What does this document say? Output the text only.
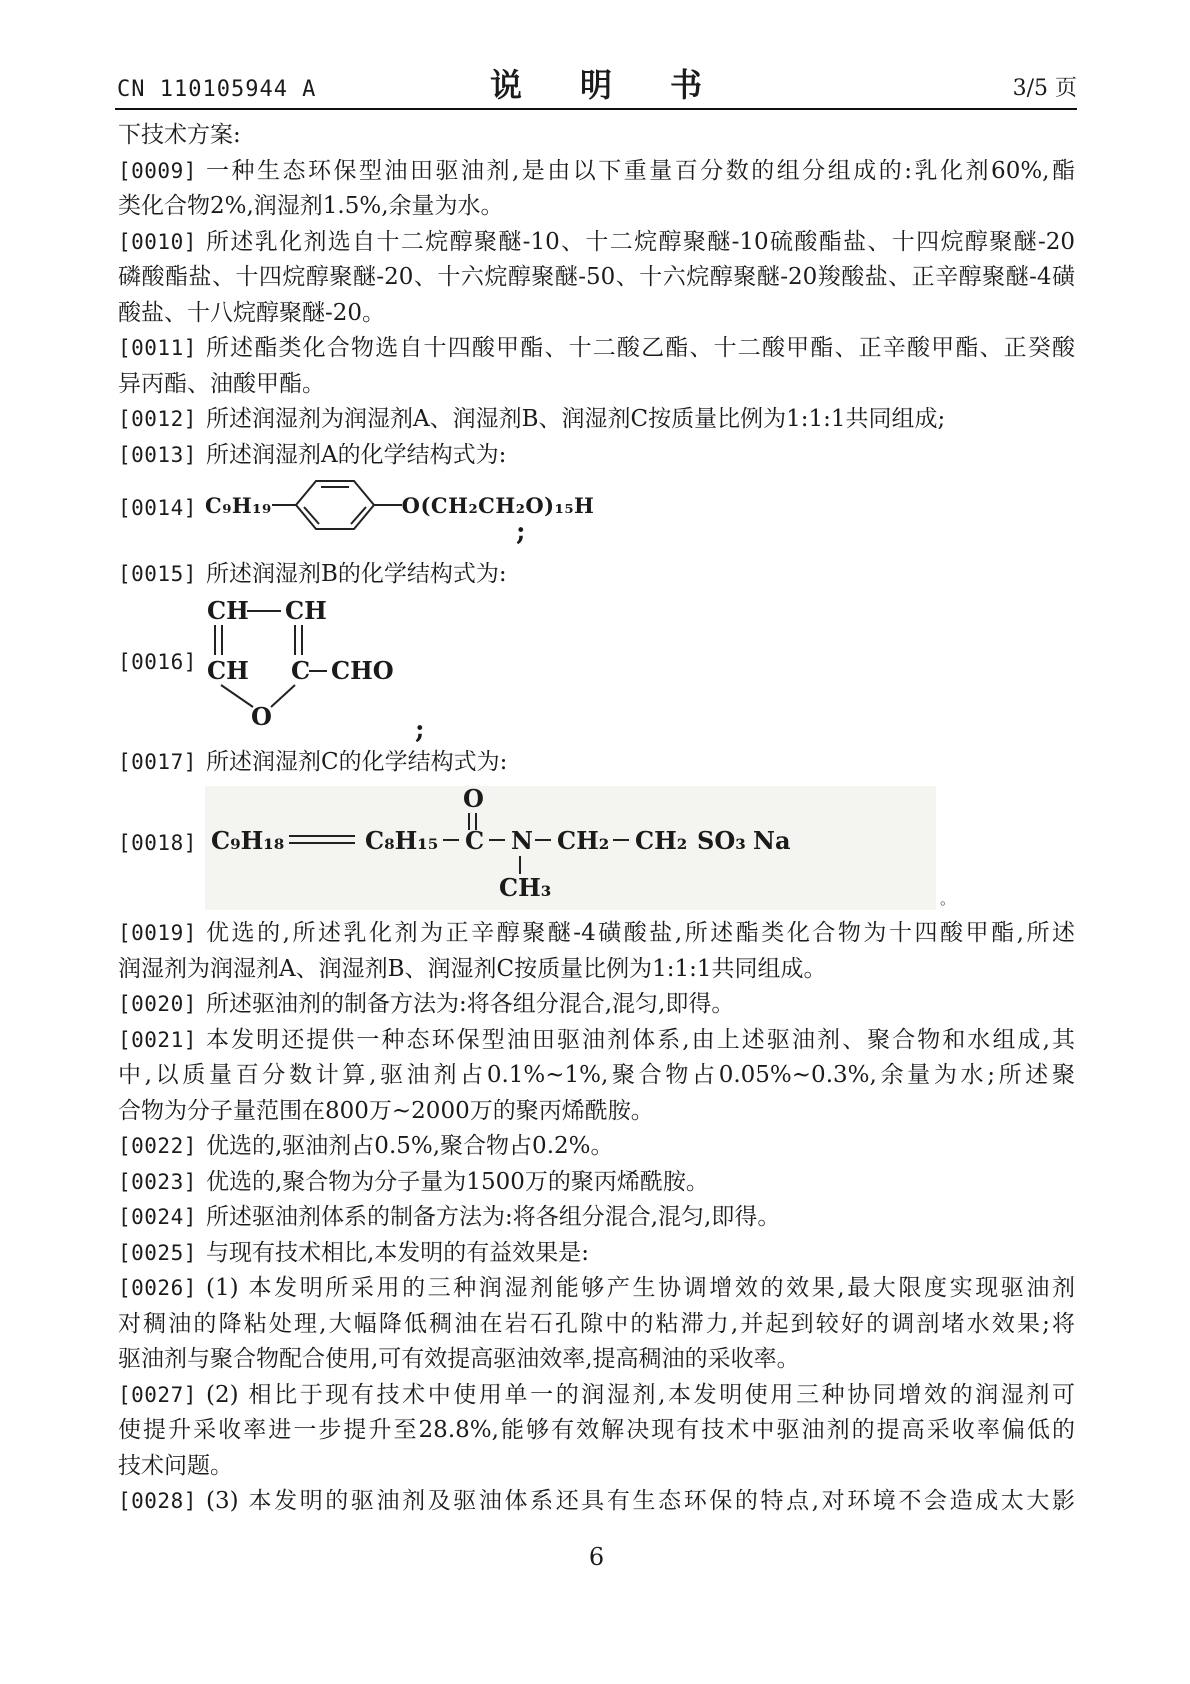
CN 110105944 A	说明书	3/5 页
下技术方案:
[0009] 一种生态环保型油田驱油剂,是由以下重量百分数的组分组成的:乳化剂60%,酯
类化合物2%,润湿剂1.5%,余量为水。
[0010] 所述乳化剂选自十二烷醇聚醚-10、十二烷醇聚醚-10硫酸酯盐、十四烷醇聚醚-20
磷酸酯盐、十四烷醇聚醚-20、十六烷醇聚醚-50、十六烷醇聚醚-20羧酸盐、正辛醇聚醚-4磺
酸盐、十八烷醇聚醚-20。
[0011] 所述酯类化合物选自十四酸甲酯、十二酸乙酯、十二酸甲酯、正辛酸甲酯、正癸酸
异丙酯、油酸甲酯。
[0012] 所述润湿剂为润湿剂A、润湿剂B、润湿剂C按质量比例为1:1:1共同组成;
[0013] 所述润湿剂A的化学结构式为:
[0014] C₉H₁₉	O(CH₂CH₂O)₁₅H
;
[0015] 所述润湿剂B的化学结构式为:
[0016]
CH CH
CH C CHO
O	;
[0017] 所述润湿剂C的化学结构式为:
[0018] C₉H₁₈	C₈H₁₅ C
O
N
CH₃
CH₂ CH₂ SO₃ Na
。
[0019] 优选的,所述乳化剂为正辛醇聚醚-4磺酸盐,所述酯类化合物为十四酸甲酯,所述
润湿剂为润湿剂A、润湿剂B、润湿剂C按质量比例为1:1:1共同组成。
[0020] 所述驱油剂的制备方法为:将各组分混合,混匀,即得。
[0021] 本发明还提供一种态环保型油田驱油剂体系,由上述驱油剂、聚合物和水组成,其
中,以质量百分数计算,驱油剂占0.1%~1%,聚合物占0.05%~0.3%,余量为水;所述聚
合物为分子量范围在800万~2000万的聚丙烯酰胺。
[0022] 优选的,驱油剂占0.5%,聚合物占0.2%。
[0023] 优选的,聚合物为分子量为1500万的聚丙烯酰胺。
[0024] 所述驱油剂体系的制备方法为:将各组分混合,混匀,即得。
[0025] 与现有技术相比,本发明的有益效果是:
[0026] (1) 本发明所采用的三种润湿剂能够产生协调增效的效果,最大限度实现驱油剂
对稠油的降粘处理,大幅降低稠油在岩石孔隙中的粘滞力,并起到较好的调剖堵水效果;将
驱油剂与聚合物配合使用,可有效提高驱油效率,提高稠油的采收率。
[0027] (2) 相比于现有技术中使用单一的润湿剂,本发明使用三种协同增效的润湿剂可
使提升采收率进一步提升至28.8%,能够有效解决现有技术中驱油剂的提高采收率偏低的
技术问题。
[0028] (3) 本发明的驱油剂及驱油体系还具有生态环保的特点,对环境不会造成太大影
6
